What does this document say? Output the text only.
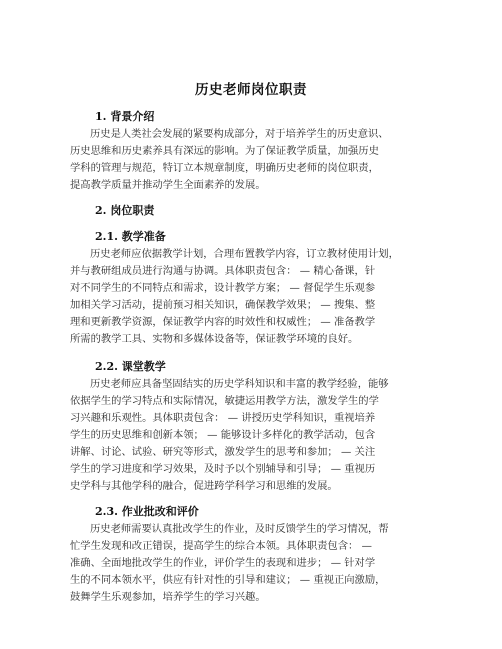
历史老师岗位职责
1. 背景介绍

历史是人类社会发展的紧要构成部分，对于培养学生的历史意识、
历史思维和历史素养具有深远的影响。为了保证教学质量，加强历史
学科的管理与规范，特订立本规章制度，明确历史老师的岗位职责，
提高教学质量并推动学生全面素养的发展。

2. 岗位职责
2.1. 教学准备

历史老师应依据教学计划，合理布置教学内容，订立教材使用计划，
并与教研组成员进行沟通与协调。具体职责包含： — 精心备课，针
对不同学生的不同特点和需求，设计教学方案； — 督促学生乐观参
加相关学习活动，提前预习相关知识，确保教学效果； — 搜集、整
理和更新教学资源，保证教学内容的时效性和权威性； — 准备教学
所需的教学工具、实物和多媒体设备等，保证教学环境的良好。

2.2. 课堂教学

历史老师应具备坚固结实的历史学科知识和丰富的教学经验，能够
依据学生的学习特点和实际情况，敏捷运用教学方法，激发学生的学
习兴趣和乐观性。具体职责包含： — 讲授历史学科知识，重视培养
学生的历史思维和创新本领； — 能够设计多样化的教学活动，包含
讲解、讨论、试验、研究等形式，激发学生的思考和参加； — 关注
学生的学习进度和学习效果，及时予以个别辅导和引导； — 重视历
史学科与其他学科的融合，促进跨学科学习和思维的发展。

2.3. 作业批改和评价

历史老师需要认真批改学生的作业，及时反馈学生的学习情况，帮
忙学生发现和改正错误，提高学生的综合本领。具体职责包含： —
准确、全面地批改学生的作业，评价学生的表现和进步； — 针对学
生的不同本领水平，供应有针对性的引导和建议； — 重视正向激励，
鼓舞学生乐观参加，培养学生的学习兴趣。
